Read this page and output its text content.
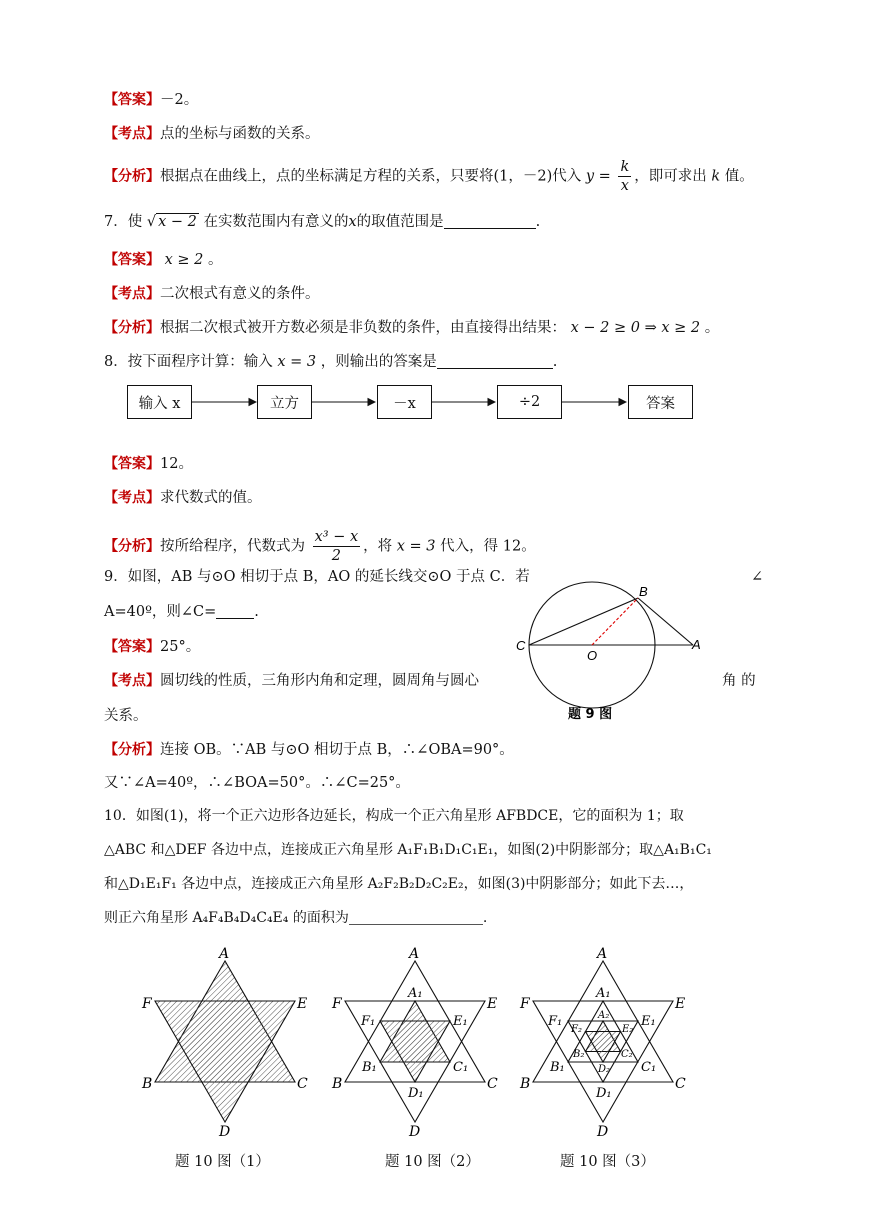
【答案】－2。
【考点】点的坐标与函数的关系。
【分析】根据点在曲线上，点的坐标满足方程的关系，只要将(1，－2)代入 $y = \frac{k}{x}$ ，即可求出 k 值。
7．使 √ x − 2 在实数范围内有意义的x的取值范围是	.
【答案】 x ≥ 2 。
【考点】二次根式有意义的条件。
【分析】根据二次根式被开方数必须是非负数的条件，由直接得出结果： x − 2 ≥ 0 ⇒ x ≥ 2 。
8．按下面程序计算：输入 x = 3 ，则输出的答案是	.
输入 x	立方	－x	÷2	答案
【答案】12。
【考点】求代数式的值。
【分析】按所给程序，代数式为 $\frac{\text{x³ − x}}{2}$ ，将 x = 3 代入，得 12。
9．如图，AB 与⊙O 相切于点 B，AO 的延长线交⊙O 于点 C．若	∠
A=40º，则∠C=	.
【答案】25°。
【考点】圆切线的性质，三角形内角和定理，圆周角与圆心	角 的
关系。
【分析】连接 OB。∵AB 与⊙O 相切于点 B，∴∠OBA=90°。
又∵∠A=40º，∴∠BOA=50°。∴∠C=25°。
B
C
O
A
题 9 图
10．如图(1)，将一个正六边形各边延长，构成一个正六角星形 AFBDCE，它的面积为 1；取
△ABC 和△DEF 各边中点，连接成正六角星形 A₁F₁B₁D₁C₁E₁，如图(2)中阴影部分；取△A₁B₁C₁
和△D₁E₁F₁ 各边中点，连接成正六角星形 A₂F₂B₂D₂C₂E₂，如图(3)中阴影部分；如此下去…，
则正六角星形 A₄F₄B₄D₄C₄E₄ 的面积为	.
A
F	E
B	C
D
A
F	E
B	C
D
A₁
F₁	E₁
B₁	C₁
D₁
A
F	E
B	C
D
A₁
F₁	E₁
B₁	C₁
D₁
A₂
F₂	E₂
B₂	C₂
D₂
题 10 图（1）	题 10 图（2）	题 10 图（3）
